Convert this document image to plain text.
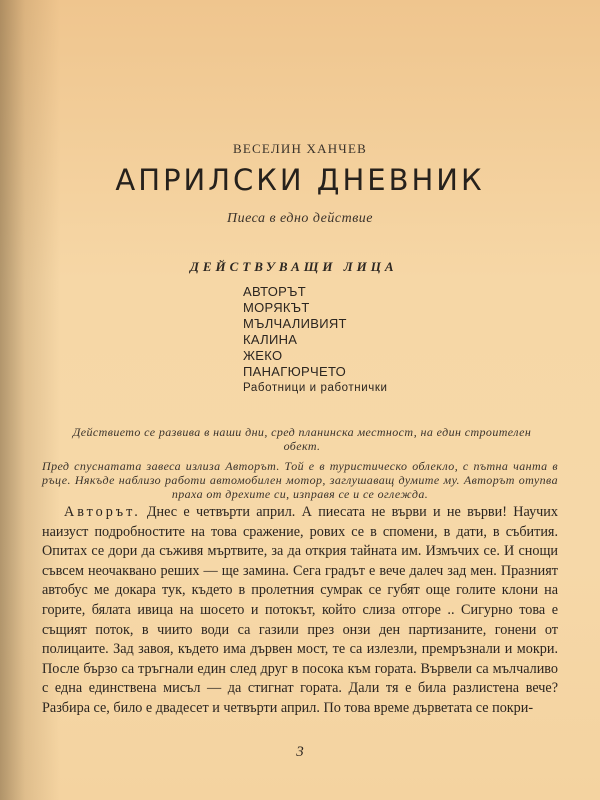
ВЕСЕЛИН ХАНЧЕВ
АПРИЛСКИ ДНЕВНИК
Пиеса в едно действие
ДЕЙСТВУВАЩИ ЛИЦА
АВТОРЪТ
МОРЯКЪТ
МЪЛЧАЛИВИЯТ
КАЛИНА
ЖЕКО
ПАНАГЮРЧЕТО
Работници и работнички
Действието се развива в наши дни, сред планинска местност, на един строителен обект.
Пред спуснатата завеса излиза Авторът. Той е в туристическо облекло, с пътна чанта в ръце. Някъде наблизо работи автомобилен мотор, заглушаващ думите му. Авторът отупва праха от дрехите си, изправя се и се оглежда.

Авторът. Днес е четвърти април. А пиесата не върви и не върви! Научих наизуст подробностите на това сражение, рових се в спомени, в дати, в събития. Опитах се дори да съживя мъртвите, за да открия тайната им. Измъчих се. И снощи съвсем неочаквано реших — ще замина. Сега градът е вече далеч зад мен. Празният автобус ме докара тук, където в пролетния сумрак се губят още голите клони на горите, бялата ивица на шосето и потокът, който слиза отгоре .. Сигурно това е същият поток, в чиито води са газили през онзи ден партизаните, гонени от полицаите. Зад завоя, където има дървен мост, те са излезли, премръзнали и мокри. После бързо са тръгнали един след друг в посока към гората. Вървели са мълчаливо с една единствена мисъл — да стигнат гората. Дали тя е била разлистена вече? Разбира се, било е двадесет и четвърти април. По това време дърветата се покри-

3
